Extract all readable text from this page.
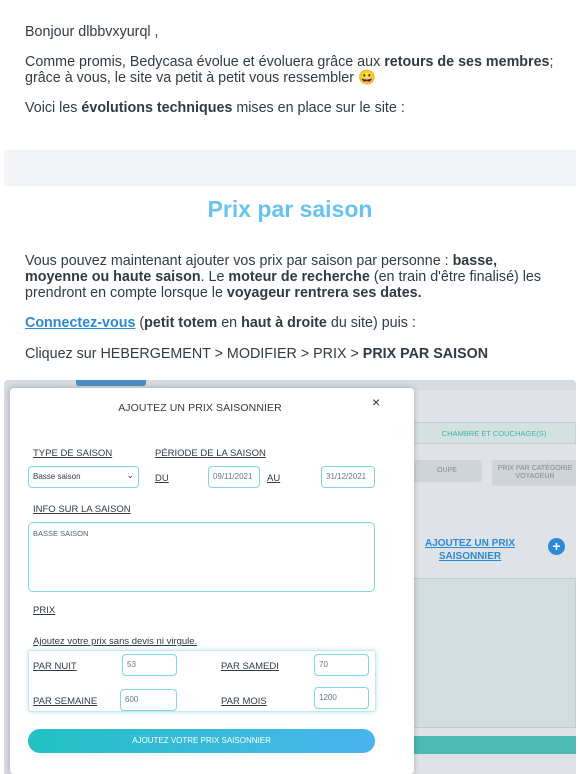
Bonjour dlbbvxyurql ,
Comme promis, Bedycasa évolue et évoluera grâce aux retours de ses membres; grâce à vous, le site va petit à petit vous ressembler 😀
Voici les évolutions techniques mises en place sur le site :
Prix par saison
Vous pouvez maintenant ajouter vos prix par saison par personne : basse, moyenne ou haute saison. Le moteur de recherche (en train d'être finalisé) les prendront en compte lorsque le voyageur rentrera ses dates.
Connectez-vous (petit totem en haut à droite du site) puis :
Cliquez sur HEBERGEMENT > MODIFIER > PRIX > PRIX PAR SAISON
CHAMBRE ET COUCHAGE(S)
OUPE	PRIX PAR CATÉGORIE VOYAGEUR
AJOUTEZ UN PRIX SAISONNIER
+
AJOUTEZ UN PRIX SAISONNIER	×
TYPE DE SAISON	PÉRIODE DE LA SAISON
Basse saison	⌄ DU	09/11/2021	AU	31/12/2021
INFO SUR LA SAISON
BASSE SAISON
PRIX
Ajoutez votre prix sans devis ni virgule.
PAR NUIT	53	PAR SAMEDI	70
PAR SEMAINE	600	PAR MOIS	1200
AJOUTEZ VOTRE PRIX SAISONNIER
